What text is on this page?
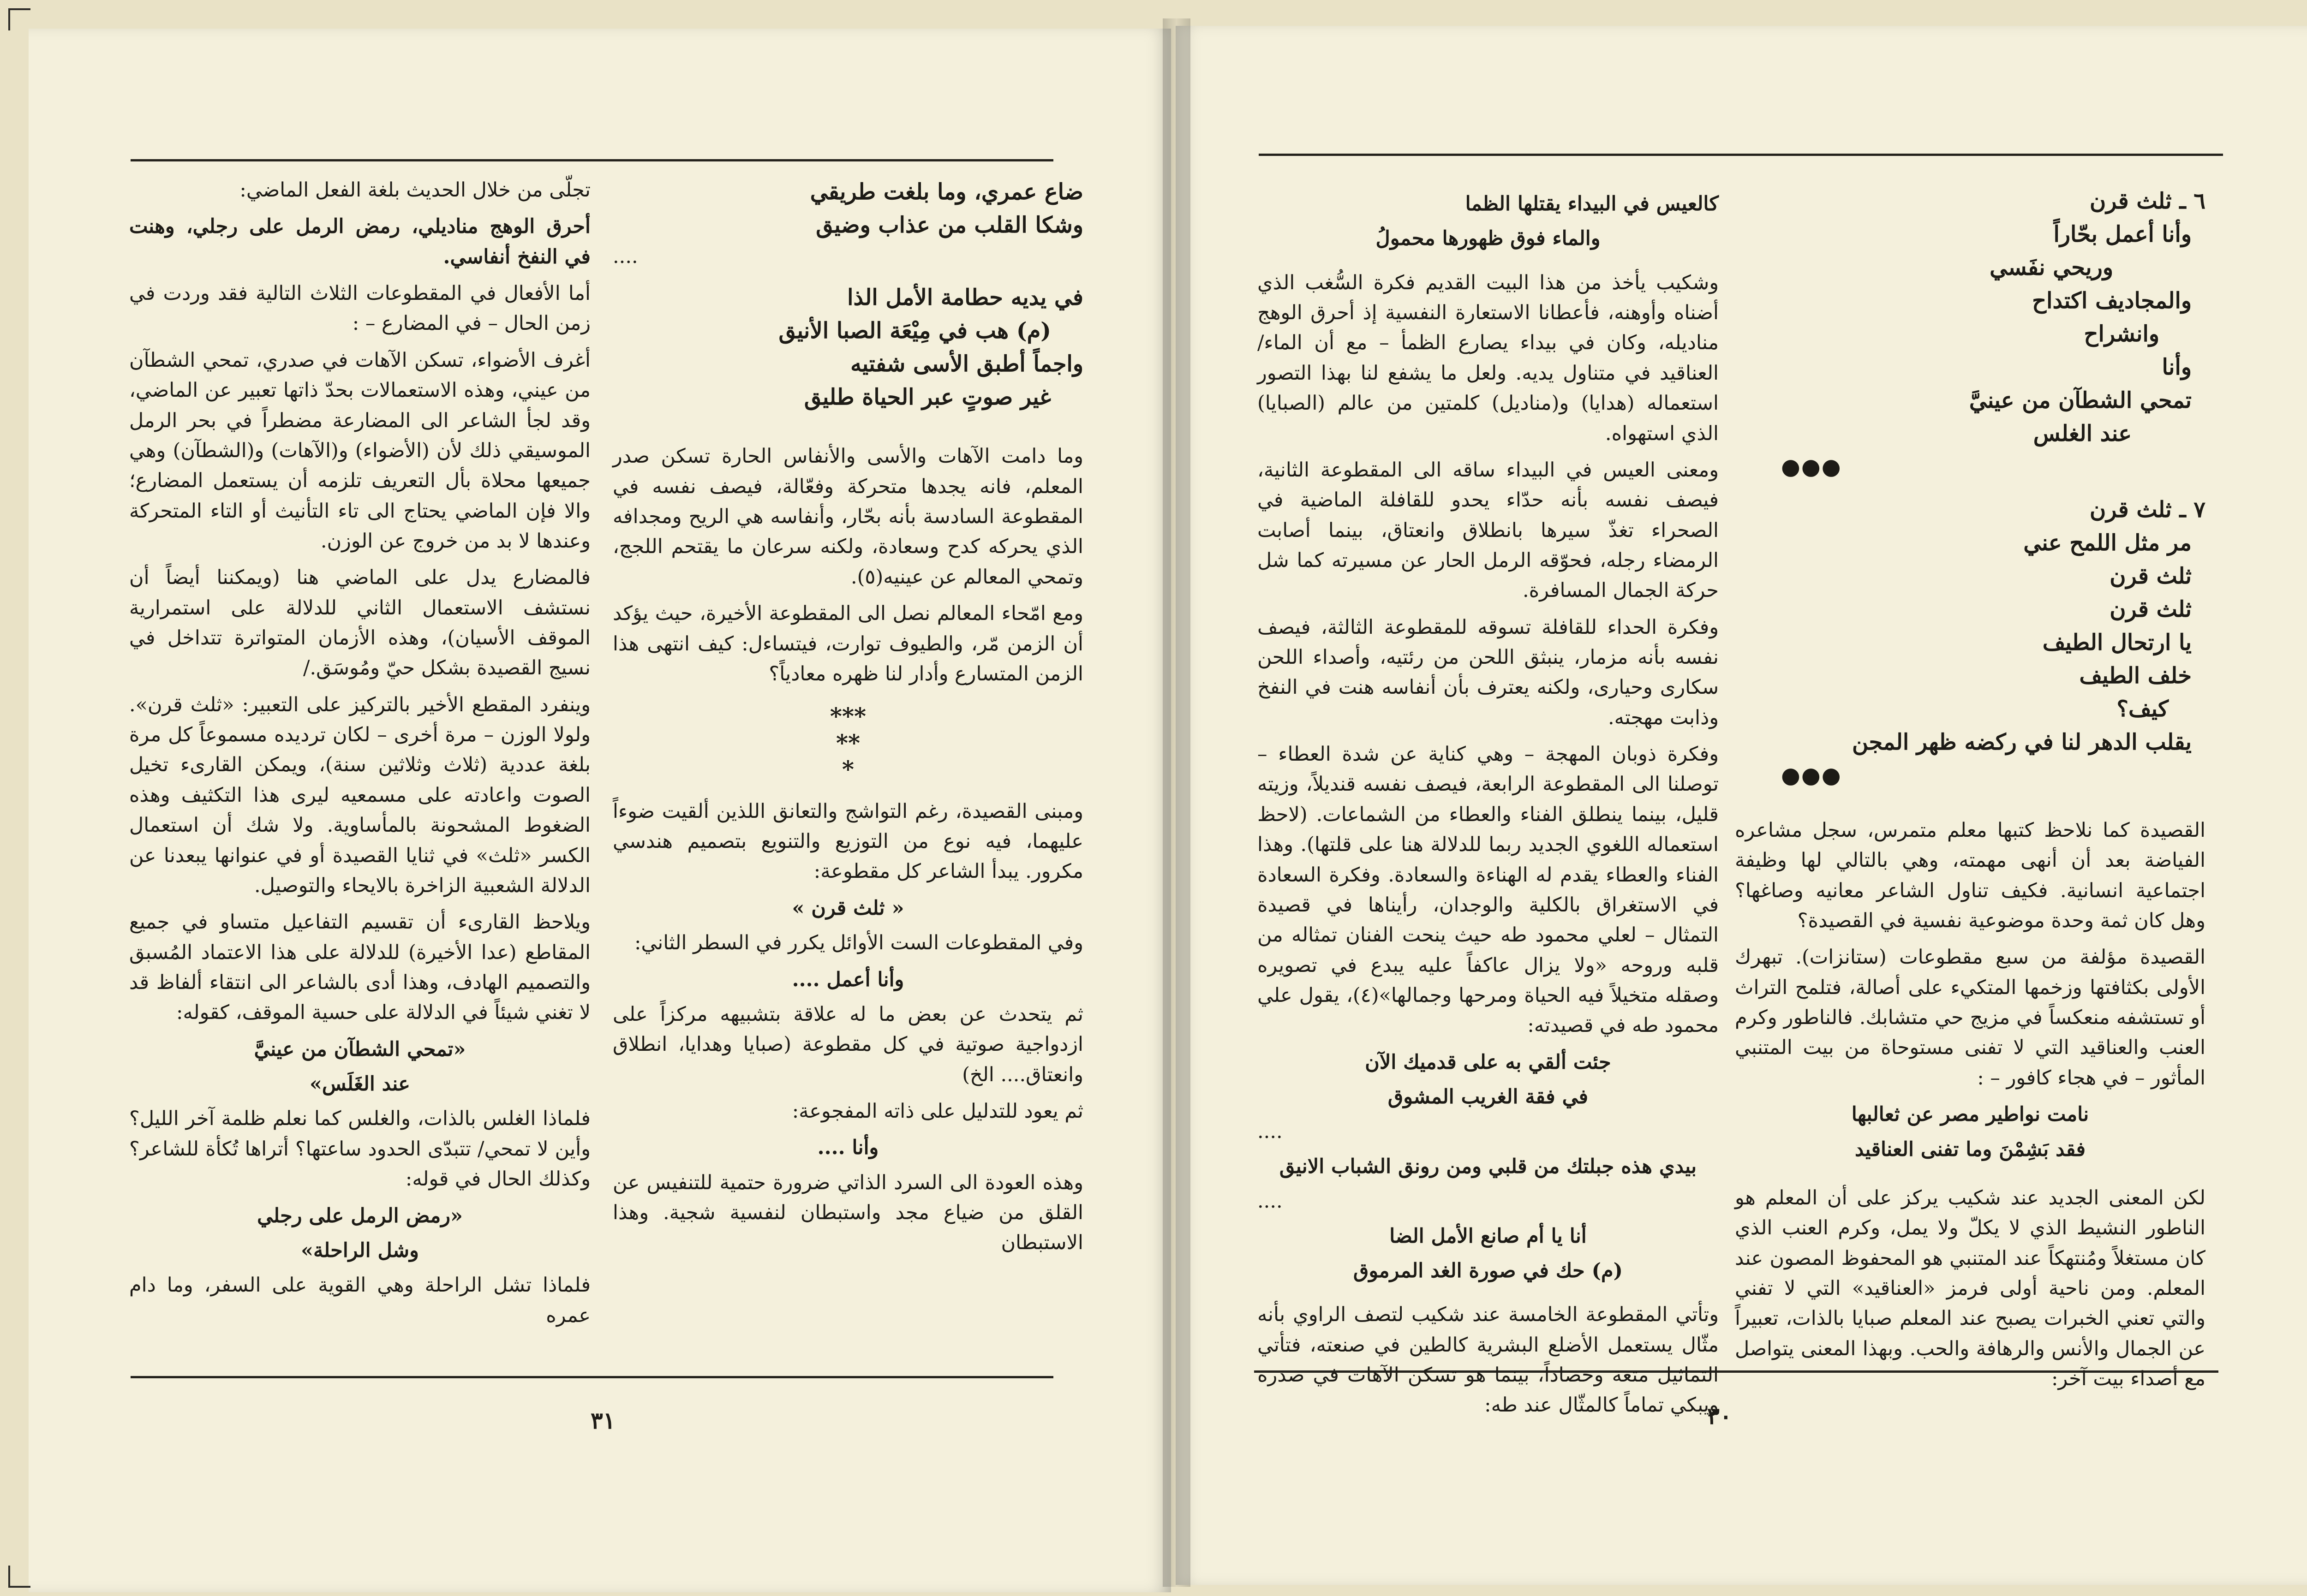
ضاع عمري، وما بلغت طريقي
وشكا القلب من عذاب وضيق
....
في يديه حطامة الأمل الذا
(م) هب في مِيْعَة الصبا الأنيق
واجماً أطبق الأسى شفتيه
غير صوتٍ عبر الحياة طليق

وما دامت الآهات والأسى والأنفاس الحارة تسكن صدر المعلم، فانه يجدها متحركة وفعّالة، فيصف نفسه في المقطوعة السادسة بأنه بحّار، وأنفاسه هي الريح ومجدافه الذي يحركه كدح وسعادة، ولكنه سرعان ما يقتحم اللجج، وتمحي المعالم عن عينيه(٥).

ومع امّحاء المعالم نصل الى المقطوعة الأخيرة، حيث يؤكد أن الزمن مّر، والطيوف توارت، فيتساءل: كيف انتهى هذا الزمن المتسارع وأدار لنا ظهره معادياً؟

***
**
*

ومبنى القصيدة، رغم التواشج والتعانق اللذين ألقيت ضوءاً عليهما، فيه نوع من التوزيع والتنويع بتصميم هندسي مكرور. يبدأ الشاعر كل مقطوعة:

« ثلث قرن »

وفي المقطوعات الست الأوائل يكرر في السطر الثاني:

وأنا أعمل ....

ثم يتحدث عن بعض ما له علاقة بتشبيهه مركزاً على ازدواجية صوتية في كل مقطوعة (صبايا وهدايا، انطلاق وانعتاق.... الخ)

ثم يعود للتدليل على ذاته المفجوعة:

وأنا ....

وهذه العودة الى السرد الذاتي ضرورة حتمية للتنفيس عن القلق من ضياع مجد واستبطان لنفسية شجية. وهذا الاستبطان

تجلّى من خلال الحديث بلغة الفعل الماضي:

أحرق الوهج مناديلي، رمض الرمل على رجلي، وهنت في النفخ أنفاسي.

أما الأفعال في المقطوعات الثلاث التالية فقد وردت في زمن الحال – في المضارع – :

أغرف الأضواء، تسكن الآهات في صدري، تمحي الشطآن من عيني، وهذه الاستعمالات بحدّ ذاتها تعبير عن الماضي، وقد لجأ الشاعر الى المضارعة مضطراً في بحر الرمل الموسيقي ذلك لأن (الأضواء) و(الآهات) و(الشطآن) وهي جميعها محلاة بأل التعريف تلزمه أن يستعمل المضارع؛ والا فإن الماضي يحتاج الى تاء التأنيث أو التاء المتحركة وعندها لا بد من خروج عن الوزن.

فالمضارع يدل على الماضي هنا (ويمكننا أيضاً أن نستشف الاستعمال الثاني للدلالة على استمرارية الموقف الأسيان)، وهذه الأزمان المتواترة تتداخل في نسيج القصيدة بشكل حيّ ومُوسَق./

وينفرد المقطع الأخير بالتركيز على التعبير: «ثلث قرن». ولولا الوزن – مرة أخرى – لكان ترديده مسموعاً كل مرة بلغة عددية (ثلاث وثلاثين سنة)، ويمكن القارىء تخيل الصوت واعادته على مسمعيه ليرى هذا التكثيف وهذه الضغوط المشحونة بالمأساوية. ولا شك أن استعمال الكسر «ثلث» في ثنايا القصيدة أو في عنوانها يبعدنا عن الدلالة الشعبية الزاخرة بالايحاء والتوصيل.

ويلاحظ القارىء أن تقسيم التفاعيل متساو في جميع المقاطع (عدا الأخيرة) للدلالة على هذا الاعتماد المُسبق والتصميم الهادف، وهذا أدى بالشاعر الى انتقاء ألفاظ قد لا تغني شيئاً في الدلالة على حسية الموقف، كقوله:

«تمحي الشطآن من عينيَّ
عند الغَلَس»

فلماذا الغلس بالذات، والغلس كما نعلم ظلمة آخر الليل؟ وأين لا تمحي/ تتبدّى الحدود ساعتها؟ أتراها تُكأة للشاعر؟ وكذلك الحال في قوله:

«رمض الرمل على رجلي
وشل الراحلة»

فلماذا تشل الراحلة وهي القوية على السفر، وما دام عمره

٣١
٦ ـ ثلث قرن
وأنا أعمل بحّاراً
وريحي نفَسي
والمجاديف اكتداح
وانشراح
وأنا
تمحي الشطآن من عينيَّ
عند الغلس
●●●
٧ ـ ثلث قرن
مر مثل اللمح عني
ثلث قرن
ثلث قرن
يا ارتحال الطيف
خلف الطيف
كيف؟
يقلب الدهر لنا في ركضه ظهر المجن
●●●

القصيدة كما نلاحظ كتبها معلم متمرس، سجل مشاعره الفياضة بعد أن أنهى مهمته، وهي بالتالي لها وظيفة اجتماعية انسانية. فكيف تناول الشاعر معانيه وصاغها؟ وهل كان ثمة وحدة موضوعية نفسية في القصيدة؟

القصيدة مؤلفة من سبع مقطوعات (ستانزات). تبهرك الأولى بكثافتها وزخمها المتكيء على أصالة، فتلمح التراث أو تستشفه منعكساً في مزيج حي متشابك. فالناطور وكرم العنب والعناقيد التي لا تفنى مستوحاة من بيت المتنبي المأثور – في هجاء كافور – :

نامت نواطير مصر عن ثعالبها
فقد بَشِمْنَ وما تفنى العناقيد

لكن المعنى الجديد عند شكيب يركز على أن المعلم هو الناطور النشيط الذي لا يكلّ ولا يمل، وكرم العنب الذي كان مستغلاً ومُنتهكاً عند المتنبي هو المحفوظ المصون عند المعلم. ومن ناحية أولى فرمز «العناقيد» التي لا تفني والتي تعني الخبرات يصبح عند المعلم صبايا بالذات، تعبيراً عن الجمال والأنس والرهافة والحب. وبهذا المعنى يتواصل مع أصداء بيت آخر:

كالعيس في البيداء يقتلها الظما
والماء فوق ظهورها محمولُ

وشكيب يأخذ من هذا البيت القديم فكرة السُّغب الذي أضناه وأوهنه، فأعطانا الاستعارة النفسية إذ أحرق الوهج مناديله، وكان في بيداء يصارع الظمأ – مع أن الماء/ العناقيد في متناول يديه. ولعل ما يشفع لنا بهذا التصور استعماله (هدايا) و(مناديل) كلمتين من عالم (الصبايا) الذي استهواه.

ومعنى العيس في البيداء ساقه الى المقطوعة الثانية، فيصف نفسه بأنه حدّاء يحدو للقافلة الماضية في الصحراء تغذّ سيرها بانطلاق وانعتاق، بينما أصابت الرمضاء رجله، فحوّقه الرمل الحار عن مسيرته كما شل حركة الجمال المسافرة.

وفكرة الحداء للقافلة تسوقه للمقطوعة الثالثة، فيصف نفسه بأنه مزمار، ينبثق اللحن من رئتيه، وأصداء اللحن سكارى وحيارى، ولكنه يعترف بأن أنفاسه هنت في النفخ وذابت مهجته.

وفكرة ذوبان المهجة – وهي كناية عن شدة العطاء – توصلنا الى المقطوعة الرابعة، فيصف نفسه قنديلاً، وزيته قليل، بينما ينطلق الفناء والعطاء من الشماعات. (لاحظ استعماله اللغوي الجديد ربما للدلالة هنا على قلتها). وهذا الفناء والعطاء يقدم له الهناءة والسعادة. وفكرة السعادة في الاستغراق بالكلية والوجدان، رأيناها في قصيدة التمثال – لعلي محمود طه حيث ينحت الفنان تمثاله من قلبه وروحه «ولا يزال عاكفاً عليه يبدع في تصويره وصقله متخيلاً فيه الحياة ومرحها وجمالها»(٤)، يقول علي محمود طه في قصيدته:

جئت ألقي به على قدميك الآن
في فقة الغريب المشوق
....
بيدي هذه جبلتك من قلبي ومن رونق الشباب الانيق
....
أنا يا أم صانع الأمل الضا
(م) حك في صورة الغد المرموق

وتأتي المقطوعة الخامسة عند شكيب لتصف الراوي بأنه مثّال يستعمل الأضلع البشرية كالطين في صنعته، فتأتي التماثيل متعة وحصاداً، بينما هو تسكن الآهات في صدره ويبكي تماماً كالمثّال عند طه:

٣٠
